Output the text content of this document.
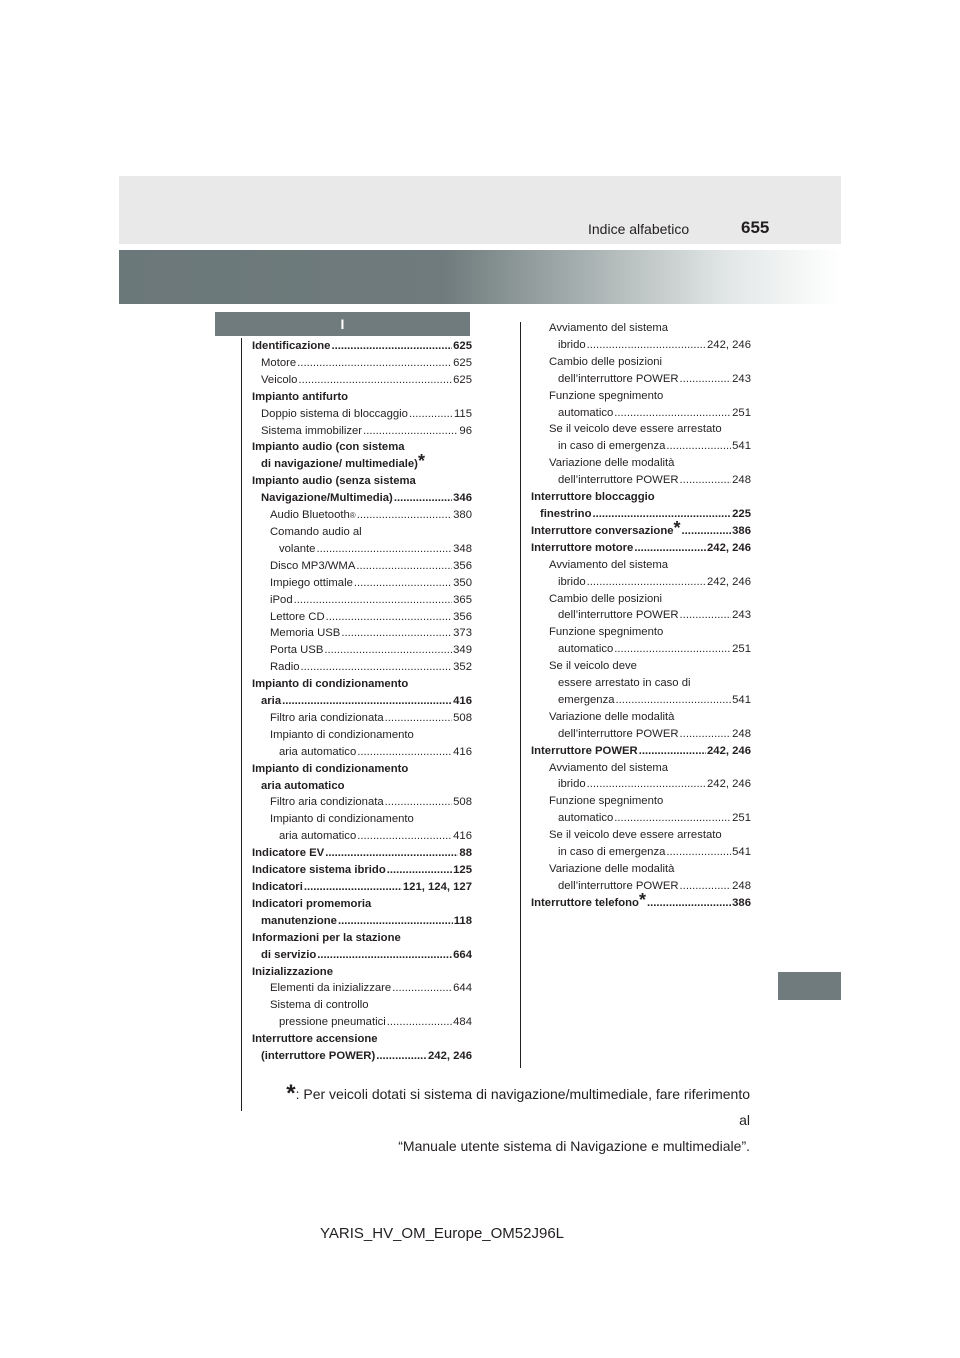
655
Indice alfabetico
I
Identificazione .....	625
Motore .....	625
Veicolo .....	625
Impianto antifurto
Doppio sistema di bloccaggio .....	115
Sistema immobilizer .....	96
Impianto audio (con sistema
di navigazione/ multimediale) *
Impianto audio (senza sistema
Navigazione/Multimedia) .....	346
Audio Bluetooth ® .....	380
Comando audio al
volante .....	348
Disco MP3/WMA .....	356
Impiego ottimale .....	350
iPod .....	365
Lettore CD .....	356
Memoria USB .....	373
Porta USB .....	349
Radio .....	352
Impianto di condizionamento
aria .....	416
Filtro aria condizionata .....	508
Impianto di condizionamento
aria automatico .....	416
Impianto di condizionamento
aria automatico
Filtro aria condizionata .....	508
Impianto di condizionamento
aria automatico .....	416
Indicatore EV .....	88
Indicatore sistema ibrido .....	125
Indicatori .....	121, 124, 127
Indicatori promemoria
manutenzione .....	118
Informazioni per la stazione
di servizio .....	664
Inizializzazione
Elementi da inizializzare .....	644
Sistema di controllo
pressione pneumatici .....	484
Interruttore accensione
(interruttore POWER) .....	242, 246
Avviamento del sistema
ibrido .....	242, 246
Cambio delle posizioni
dell’interruttore POWER .....	243
Funzione spegnimento
automatico .....	251
Se il veicolo deve essere arrestato
in caso di emergenza .....	541
Variazione delle modalità
dell’interruttore POWER .....	248
Interruttore bloccaggio
finestrino .....	225
Interruttore conversazione * .....	386
Interruttore motore .....	242, 246
Avviamento del sistema
ibrido .....	242, 246
Cambio delle posizioni
dell’interruttore POWER .....	243
Funzione spegnimento
automatico .....	251
Se il veicolo deve
essere arrestato in caso di
emergenza .....	541
Variazione delle modalità
dell’interruttore POWER .....	248
Interruttore POWER .....	242, 246
Avviamento del sistema
ibrido .....	242, 246
Funzione spegnimento
automatico .....	251
Se il veicolo deve essere arrestato
in caso di emergenza .....	541
Variazione delle modalità
dell’interruttore POWER .....	248
Interruttore telefono * .....	386
*: Per veicoli dotati si sistema di navigazione/multimediale, fare riferimento al
“Manuale utente sistema di Navigazione e multimediale”.
YARIS_HV_OM_Europe_OM52J96L
